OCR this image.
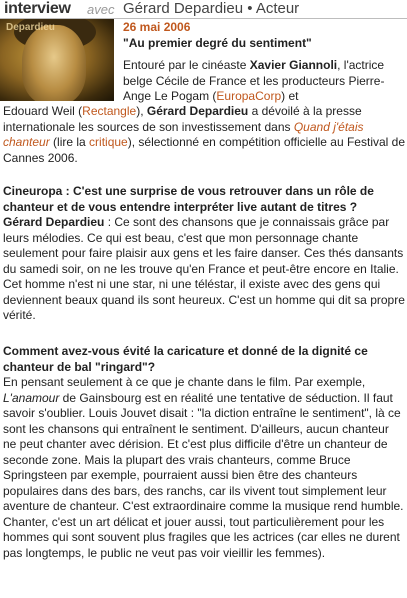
interview avec Gérard Depardieu • Acteur
Depardieu	26 mai 2006
"Au premier degré du sentiment"
Entouré par le cinéaste Xavier Giannoli, l'actrice belge Cécile de France et les producteurs Pierre-Ange Le Pogam (EuropaCorp) et
Edouard Weil (Rectangle), Gérard Depardieu a dévoilé à la presse internationale les sources de son investissement dans Quand j'étais chanteur (lire la critique), sélectionné en compétition officielle au Festival de Cannes 2006.
Cineuropa : C'est une surprise de vous retrouver dans un rôle de chanteur et de vous entendre interpréter live autant de titres ?
Gérard Depardieu : Ce sont des chansons que je connaissais grâce par leurs mélodies. Ce qui est beau, c'est que mon personnage chante seulement pour faire plaisir aux gens et les faire danser. Ces thés dansants du samedi soir, on ne les trouve qu'en France et peut-être encore en Italie. Cet homme n'est ni une star, ni une téléstar, il existe avec des gens qui deviennent beaux quand ils sont heureux. C'est un homme qui dit sa propre vérité.
Comment avez-vous évité la caricature et donné de la dignité ce chanteur de bal "ringard"?
En pensant seulement à ce que je chante dans le film. Par exemple, L'anamour de Gainsbourg est en réalité une tentative de séduction. Il faut savoir s'oublier. Louis Jouvet disait : "la diction entraîne le sentiment", là ce sont les chansons qui entraînent le sentiment. D'ailleurs, aucun chanteur ne peut chanter avec dérision. Et c'est plus difficile d'être un chanteur de seconde zone. Mais la plupart des vrais chanteurs, comme Bruce Springsteen par exemple, pourraient aussi bien être des chanteurs populaires dans des bars, des ranchs, car ils vivent tout simplement leur aventure de chanteur. C'est extraordinaire comme la musique rend humble. Chanter, c'est un art délicat et jouer aussi, tout particulièrement pour les hommes qui sont souvent plus fragiles que les actrices (car elles ne durent pas longtemps, le public ne veut pas voir vieillir les femmes).
